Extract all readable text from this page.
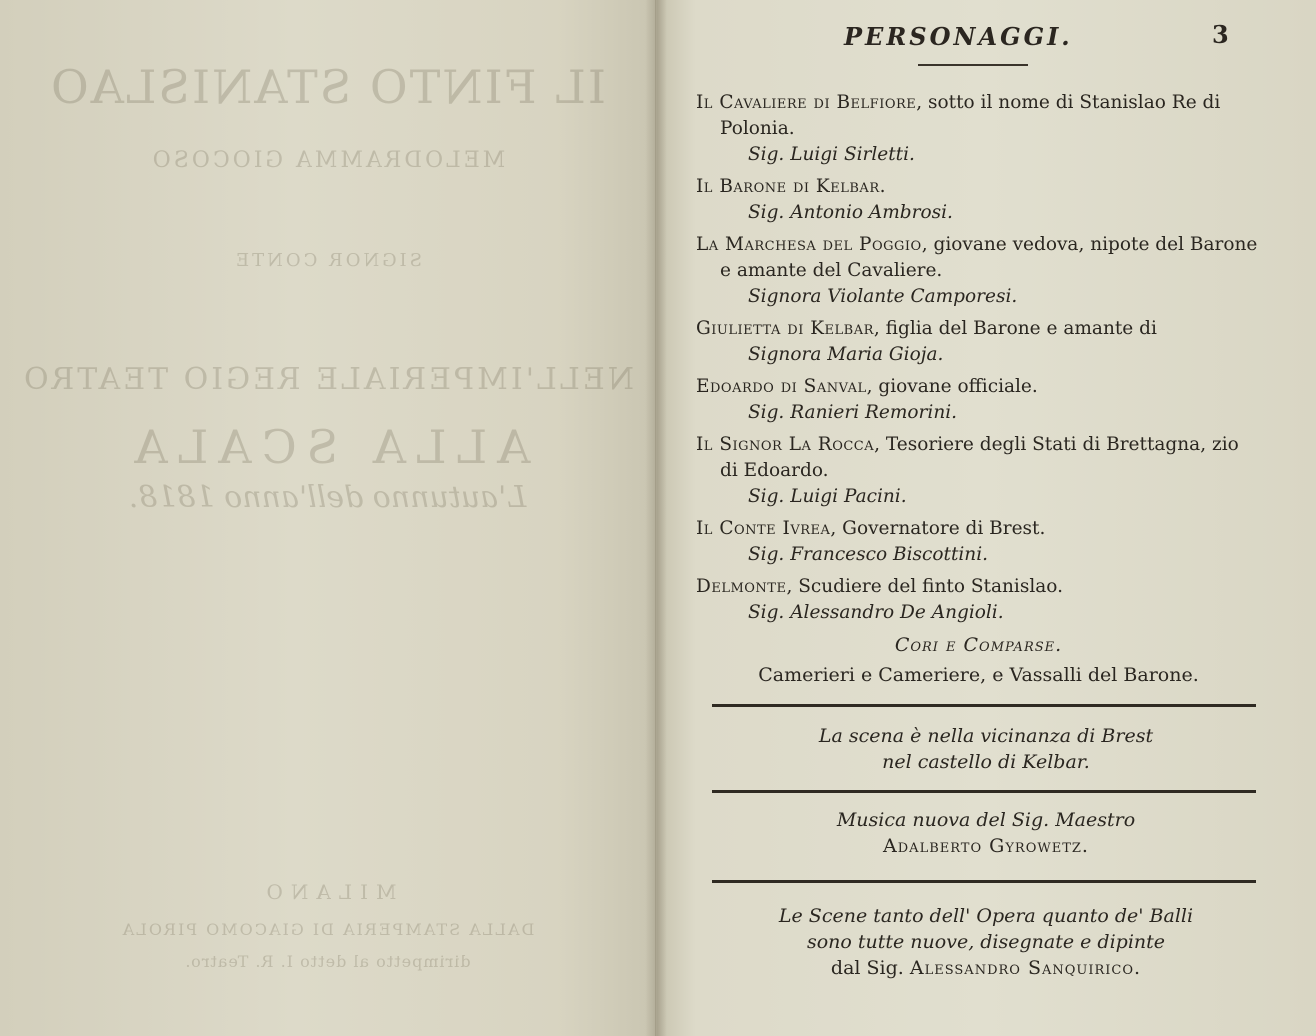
IL FINTO STANISLAO
MELODRAMMA GIOCOSO
SIGNOR CONTE
NELL'IMPERIALE REGIO TEATRO
ALLA SCALA
L'autunno dell'anno 1818.
MILANO
DALLA STAMPERIA DI GIACOMO PIROLA
dirimpetto al detto I. R. Teatro.
PERSONAGGI.	3
Il Cavaliere di Belfiore, sotto il nome di Stanislao Re di Polonia.
Sig. Luigi Sirletti.
Il Barone di Kelbar.
Sig. Antonio Ambrosi.
La Marchesa del Poggio, giovane vedova, nipote del Barone e amante del Cavaliere.
Signora Violante Camporesi.
Giulietta di Kelbar, figlia del Barone e amante di
Signora Maria Gioja.
Edoardo di Sanval, giovane officiale.
Sig. Ranieri Remorini.
Il Signor La Rocca, Tesoriere degli Stati di Brettagna, zio di Edoardo.
Sig. Luigi Pacini.
Il Conte Ivrea, Governatore di Brest.
Sig. Francesco Biscottini.
Delmonte, Scudiere del finto Stanislao.
Sig. Alessandro De Angioli.
Cori e Comparse.
Camerieri e Cameriere, e Vassalli del Barone.
La scena è nella vicinanza di Brest
nel castello di Kelbar.
Musica nuova del Sig. Maestro
Adalberto Gyrowetz.
Le Scene tanto dell' Opera quanto de' Balli
sono tutte nuove, disegnate e dipinte
dal Sig. Alessandro Sanquirico.
